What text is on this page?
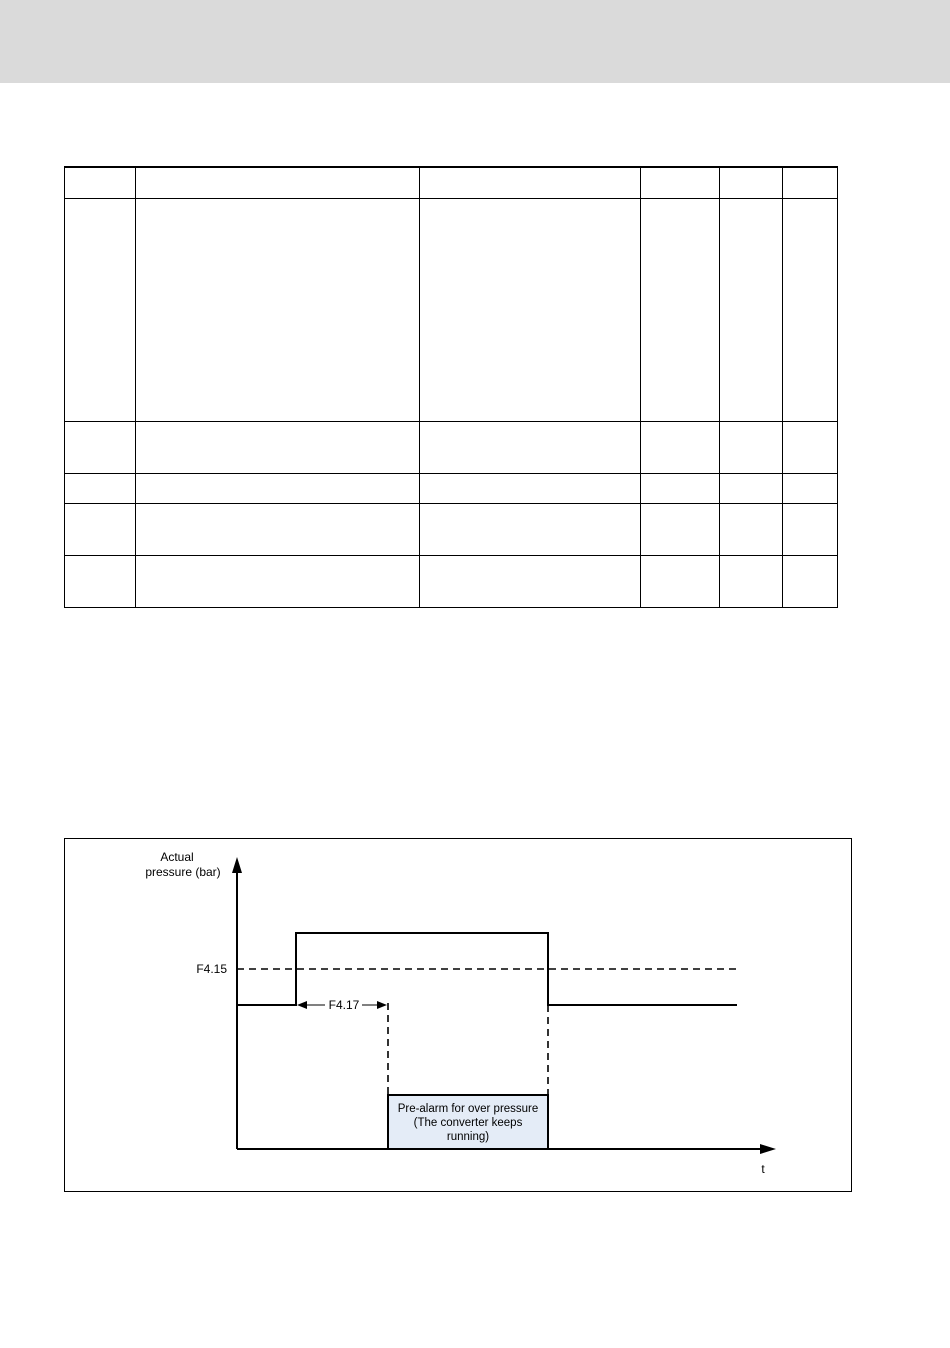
Actual
pressure (bar)
t
F4.15
F4.17
Pre-alarm for over pressure
(The converter keeps
running)
